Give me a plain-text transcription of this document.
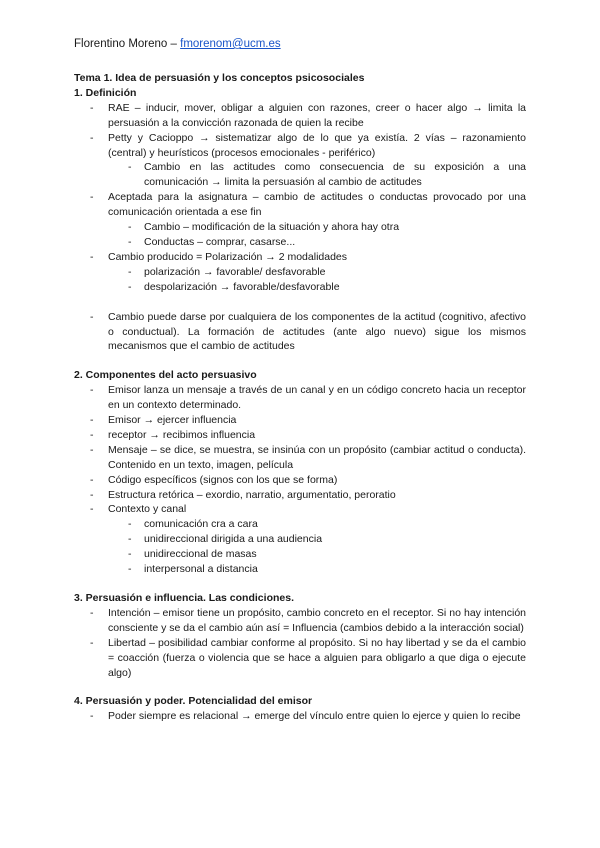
Florentino Moreno – fmorenom@ucm.es
Tema 1. Idea de persuasión y los conceptos psicosociales
1. Definición
- RAE – inducir, mover, obligar a alguien con razones, creer o hacer algo → limita la persuasión a la convicción razonada de quien la recibe
- Petty y Cacioppo → sistematizar algo de lo que ya existía. 2 vías – razonamiento (central) y heurísticos (procesos emocionales - periférico)
- Cambio en las actitudes como consecuencia de su exposición a una comunicación → limita la persuasión al cambio de actitudes
- Aceptada para la asignatura – cambio de actitudes o conductas provocado por una comunicación orientada a ese fin
- Cambio – modificación de la situación y ahora hay otra
- Conductas – comprar, casarse...
- Cambio producido = Polarización → 2 modalidades
- polarización → favorable/ desfavorable
- despolarización → favorable/desfavorable
- Cambio puede darse por cualquiera de los componentes de la actitud (cognitivo, afectivo o conductual). La formación de actitudes (ante algo nuevo) sigue los mismos mecanismos que el cambio de actitudes
2. Componentes del acto persuasivo
- Emisor lanza un mensaje a través de un canal y en un código concreto hacia un receptor en un contexto determinado.
- Emisor → ejercer influencia
- receptor → recibimos influencia
- Mensaje – se dice, se muestra, se insinúa con un propósito (cambiar actitud o conducta). Contenido en un texto, imagen, película
- Código específicos (signos con los que se forma)
- Estructura retórica – exordio, narratio, argumentatio, peroratio
- Contexto y canal
- comunicación cra a cara
- unidireccional dirigida a una audiencia
- unidireccional de masas
- interpersonal a distancia
3. Persuasión e influencia. Las condiciones.
- Intención – emisor tiene un propósito, cambio concreto en el receptor. Si no hay intención consciente y se da el cambio aún así = Influencia (cambios debido a la interacción social)
- Libertad – posibilidad cambiar conforme al propósito. Si no hay libertad y se da el cambio = coacción (fuerza o violencia que se hace a alguien para obligarlo a que diga o ejecute algo)
4. Persuasión y poder. Potencialidad del emisor
- Poder siempre es relacional → emerge del vínculo entre quien lo ejerce y quien lo recibe
